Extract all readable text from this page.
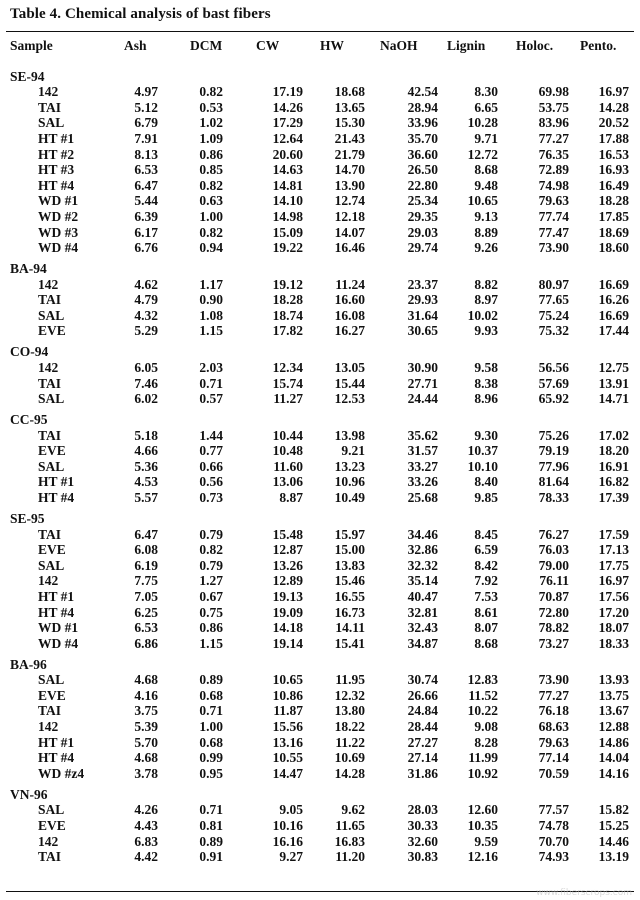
Table 4. Chemical analysis of bast fibers
Sample	Ash	DCM	CW	HW	NaOH	Lignin	Holoc.	Pento.
SE-94
142	4.97	0.82	17.19	18.68	42.54	8.30	69.98	16.97
TAI	5.12	0.53	14.26	13.65	28.94	6.65	53.75	14.28
SAL	6.79	1.02	17.29	15.30	33.96	10.28	83.96	20.52
HT #1	7.91	1.09	12.64	21.43	35.70	9.71	77.27	17.88
HT #2	8.13	0.86	20.60	21.79	36.60	12.72	76.35	16.53
HT #3	6.53	0.85	14.63	14.70	26.50	8.68	72.89	16.93
HT #4	6.47	0.82	14.81	13.90	22.80	9.48	74.98	16.49
WD #1	5.44	0.63	14.10	12.74	25.34	10.65	79.63	18.28
WD #2	6.39	1.00	14.98	12.18	29.35	9.13	77.74	17.85
WD #3	6.17	0.82	15.09	14.07	29.03	8.89	77.47	18.69
WD #4	6.76	0.94	19.22	16.46	29.74	9.26	73.90	18.60
BA-94
142	4.62	1.17	19.12	11.24	23.37	8.82	80.97	16.69
TAI	4.79	0.90	18.28	16.60	29.93	8.97	77.65	16.26
SAL	4.32	1.08	18.74	16.08	31.64	10.02	75.24	16.69
EVE	5.29	1.15	17.82	16.27	30.65	9.93	75.32	17.44
CO-94
142	6.05	2.03	12.34	13.05	30.90	9.58	56.56	12.75
TAI	7.46	0.71	15.74	15.44	27.71	8.38	57.69	13.91
SAL	6.02	0.57	11.27	12.53	24.44	8.96	65.92	14.71
CC-95
TAI	5.18	1.44	10.44	13.98	35.62	9.30	75.26	17.02
EVE	4.66	0.77	10.48	9.21	31.57	10.37	79.19	18.20
SAL	5.36	0.66	11.60	13.23	33.27	10.10	77.96	16.91
HT #1	4.53	0.56	13.06	10.96	33.26	8.40	81.64	16.82
HT #4	5.57	0.73	8.87	10.49	25.68	9.85	78.33	17.39
SE-95
TAI	6.47	0.79	15.48	15.97	34.46	8.45	76.27	17.59
EVE	6.08	0.82	12.87	15.00	32.86	6.59	76.03	17.13
SAL	6.19	0.79	13.26	13.83	32.32	8.42	79.00	17.75
142	7.75	1.27	12.89	15.46	35.14	7.92	76.11	16.97
HT #1	7.05	0.67	19.13	16.55	40.47	7.53	70.87	17.56
HT #4	6.25	0.75	19.09	16.73	32.81	8.61	72.80	17.20
WD #1	6.53	0.86	14.18	14.11	32.43	8.07	78.82	18.07
WD #4	6.86	1.15	19.14	15.41	34.87	8.68	73.27	18.33
BA-96
SAL	4.68	0.89	10.65	11.95	30.74	12.83	73.90	13.93
EVE	4.16	0.68	10.86	12.32	26.66	11.52	77.27	13.75
TAI	3.75	0.71	11.87	13.80	24.84	10.22	76.18	13.67
142	5.39	1.00	15.56	18.22	28.44	9.08	68.63	12.88
HT #1	5.70	0.68	13.16	11.22	27.27	8.28	79.63	14.86
HT #4	4.68	0.99	10.55	10.69	27.14	11.99	77.14	14.04
WD #z4	3.78	0.95	14.47	14.28	31.86	10.92	70.59	14.16
VN-96
SAL	4.26	0.71	9.05	9.62	28.03	12.60	77.57	15.82
EVE	4.43	0.81	10.16	11.65	30.33	10.35	74.78	15.25
142	6.83	0.89	16.16	16.83	32.60	9.59	70.70	14.46
TAI	4.42	0.91	9.27	11.20	30.83	12.16	74.93	13.19
www.fiberscrops.com
